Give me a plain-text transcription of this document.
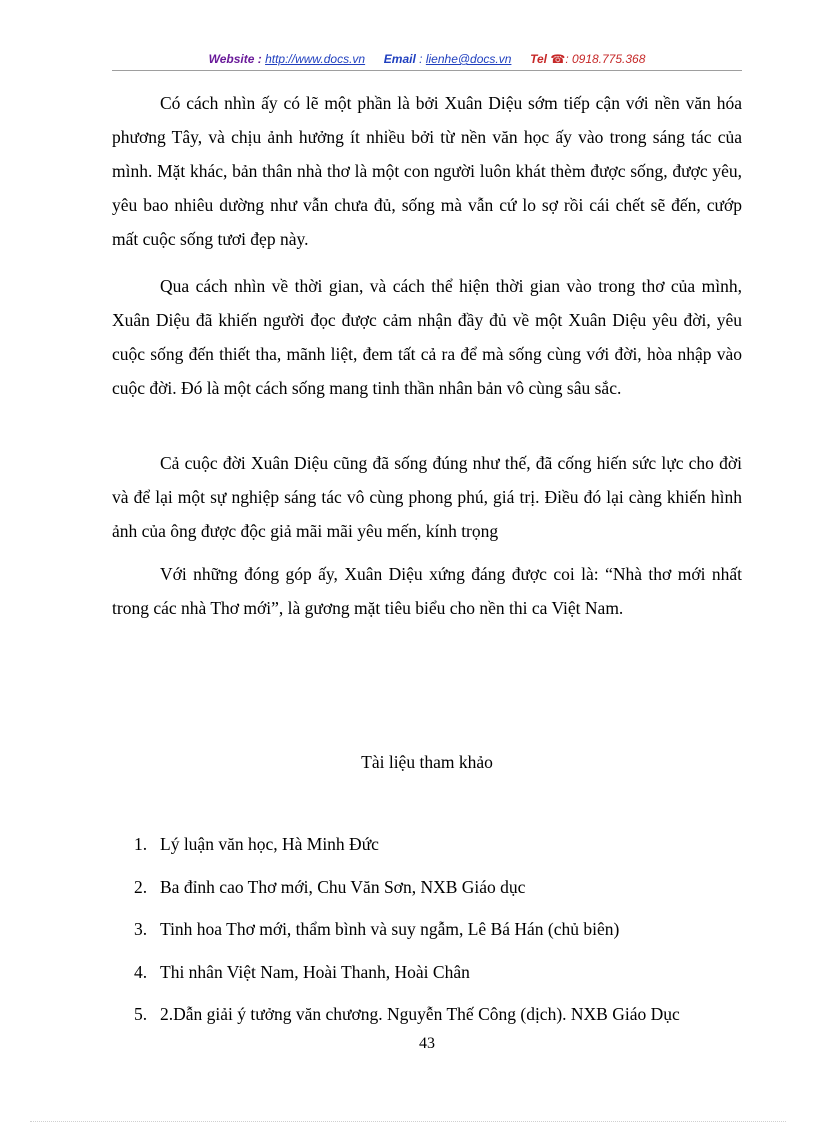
Website : http://www.docs.vn Email : lienhe@docs.vn Tel ☎: 0918.775.368

Có cách nhìn ấy có lẽ một phần là bởi Xuân Diệu sớm tiếp cận với nền văn hóa phương Tây, và chịu ảnh hưởng ít nhiều bởi từ nền văn học ấy vào trong sáng tác của mình. Mặt khác, bản thân nhà thơ là một con người luôn khát thèm được sống, được yêu, yêu bao nhiêu dường như vẫn chưa đủ, sống mà vẫn cứ lo sợ rồi cái chết sẽ đến, cướp mất cuộc sống tươi đẹp này.

Qua cách nhìn về thời gian, và cách thể hiện thời gian vào trong thơ của mình, Xuân Diệu đã khiến người đọc được cảm nhận đầy đủ về một Xuân Diệu yêu đời, yêu cuộc sống đến thiết tha, mãnh liệt, đem tất cả ra để mà sống cùng với đời, hòa nhập vào cuộc đời. Đó là một cách sống mang tinh thần nhân bản vô cùng sâu sắc.

Cả cuộc đời Xuân Diệu cũng đã sống đúng như thế, đã cống hiến sức lực cho đời và để lại một sự nghiệp sáng tác vô cùng phong phú, giá trị. Điều đó lại càng khiến hình ảnh của ông được độc giả mãi mãi yêu mến, kính trọng

Với những đóng góp ấy, Xuân Diệu xứng đáng được coi là: “Nhà thơ mới nhất trong các nhà Thơ mới”, là gương mặt tiêu biểu cho nền thi ca Việt Nam.

Tài liệu tham khảo
1. Lý luận văn học, Hà Minh Đức
2. Ba đỉnh cao Thơ mới, Chu Văn Sơn, NXB Giáo dục
3. Tinh hoa Thơ mới, thẩm bình và suy ngẫm, Lê Bá Hán (chủ biên)
4. Thi nhân Việt Nam, Hoài Thanh, Hoài Chân
5. 2.Dẫn giải ý tưởng văn chương. Nguyễn Thế Công (dịch). NXB Giáo Dục
43
